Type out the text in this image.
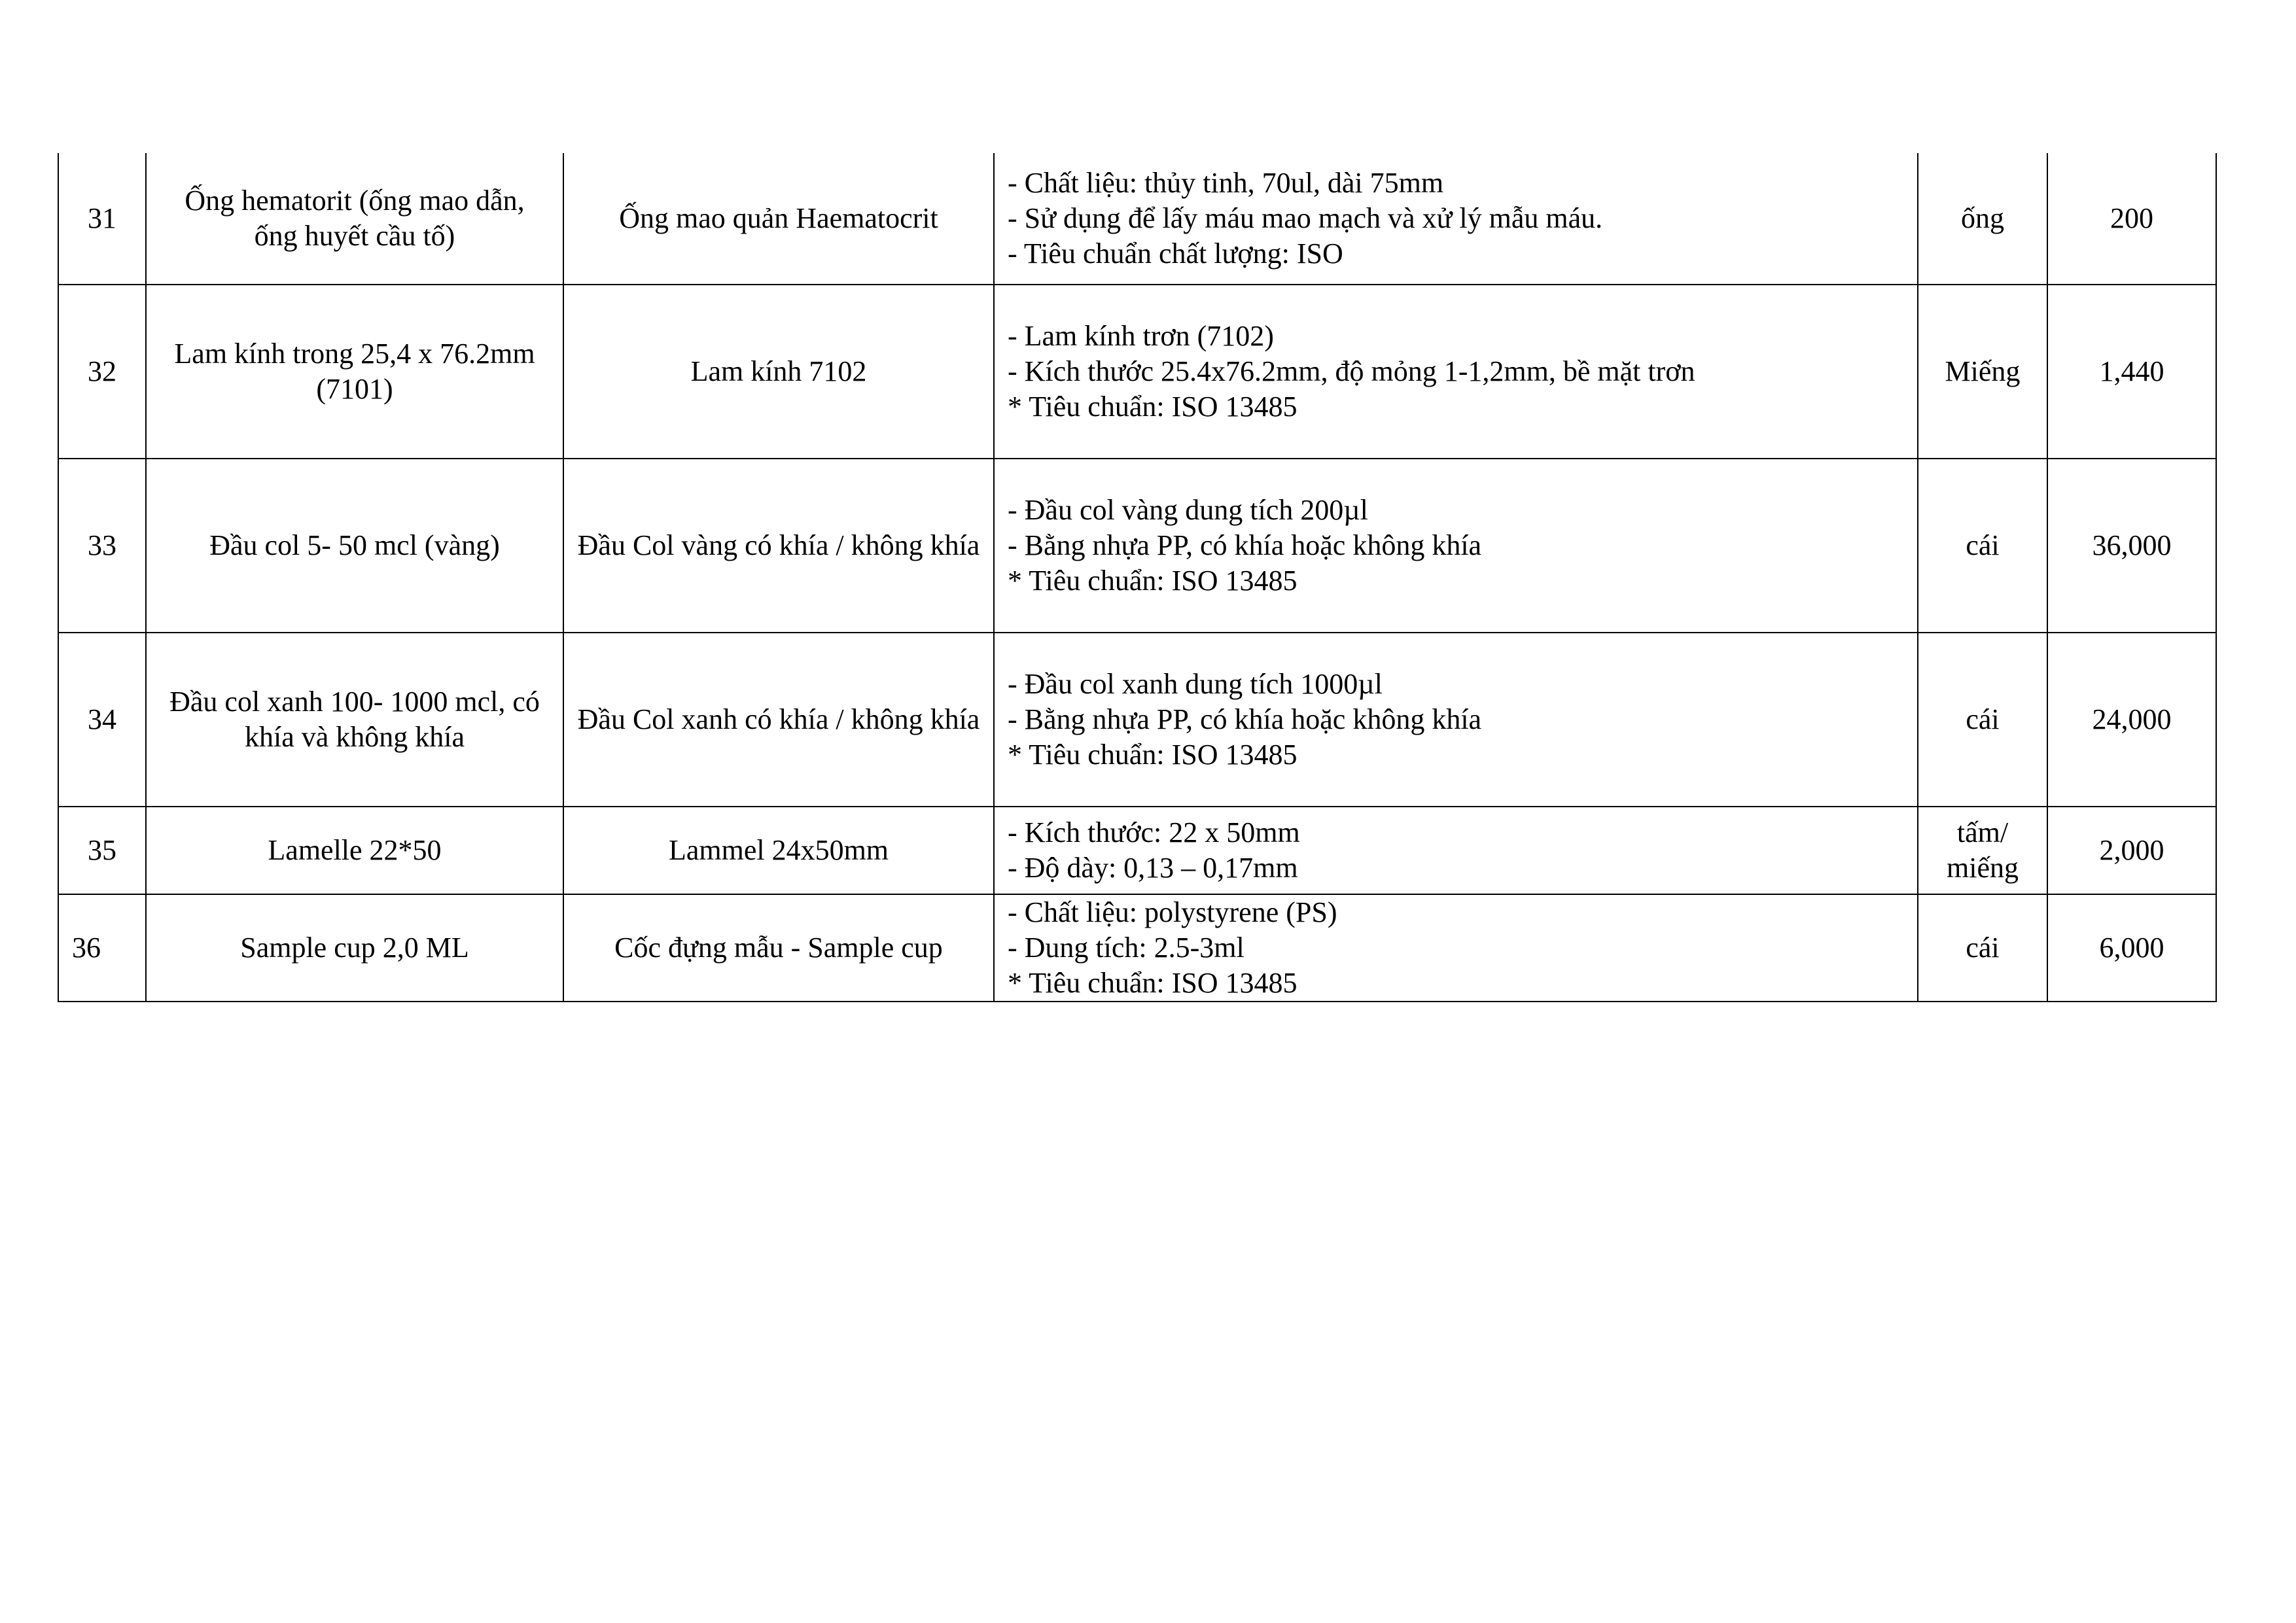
31	Ống hematorit (ống mao dẫn, ống huyết cầu tố)	Ống mao quản Haematocrit	- Chất liệu: thủy tinh, 70ul, dài 75mm
- Sử dụng để lấy máu mao mạch và xử lý mẫu máu.
- Tiêu chuẩn chất lượng: ISO	ống	200
32	Lam kính trong 25,4 x 76.2mm (7101)	Lam kính 7102	- Lam kính trơn (7102)
- Kích thước 25.4x76.2mm, độ mỏng 1-1,2mm, bề mặt trơn
* Tiêu chuẩn: ISO 13485	Miếng	1,440
33	Đầu col 5- 50 mcl (vàng)	Đầu Col vàng có khía / không khía	- Đầu col vàng dung tích 200µl
- Bằng nhựa PP, có khía hoặc không khía
* Tiêu chuẩn: ISO 13485	cái	36,000
34	Đầu col xanh 100- 1000 mcl, có khía và không khía	Đầu Col xanh có khía / không khía	- Đầu col xanh dung tích 1000µl
- Bằng nhựa PP, có khía hoặc không khía
* Tiêu chuẩn: ISO 13485	cái	24,000
35	Lamelle 22*50	Lammel 24x50mm	- Kích thước: 22 x 50mm
- Độ dày: 0,13 – 0,17mm	tấm/ miếng	2,000
36	Sample cup 2,0 ML	Cốc đựng mẫu - Sample cup	- Chất liệu: polystyrene (PS)
- Dung tích: 2.5-3ml
* Tiêu chuẩn: ISO 13485	cái	6,000
